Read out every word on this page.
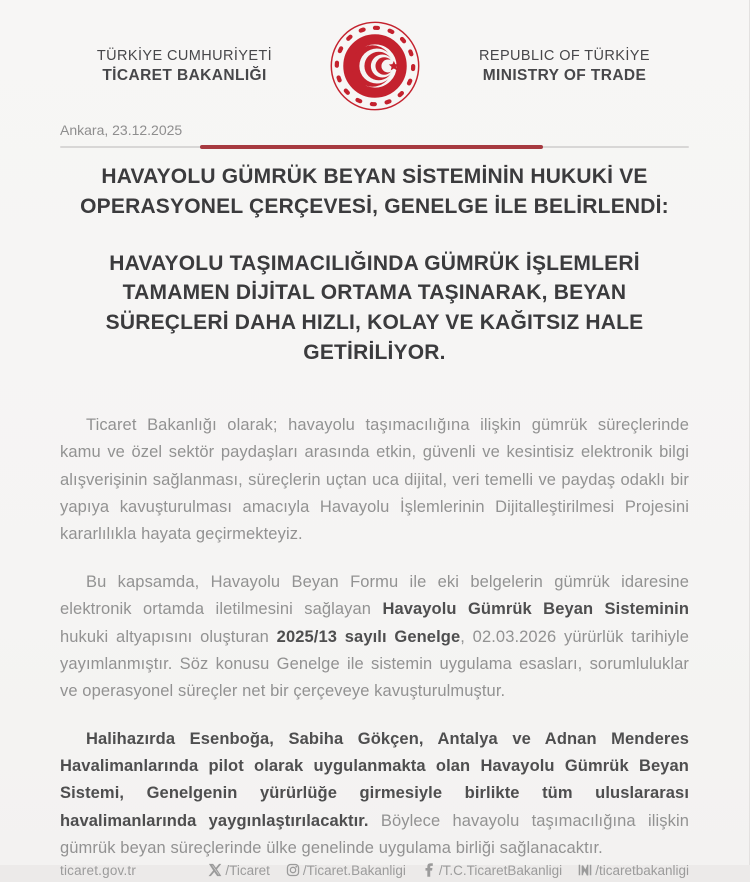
TÜRKİYE CUMHURİYETİ
TİCARET BAKANLIĞI
REPUBLIC OF TÜRKİYE
MINISTRY OF TRADE
Ankara, 23.12.2025
HAVAYOLU GÜMRÜK BEYAN SİSTEMİNİN HUKUKİ VE OPERASYONEL ÇERÇEVESİ, GENELGE İLE BELİRLENDİ:
HAVAYOLU TAŞIMACILIĞINDA GÜMRÜK İŞLEMLERİ TAMAMEN DİJİTAL ORTAMA TAŞINARAK, BEYAN SÜREÇLERİ DAHA HIZLI, KOLAY VE KAĞITSIZ HALE GETİRİLİYOR.

Ticaret Bakanlığı olarak; havayolu taşımacılığına ilişkin gümrük süreçlerinde kamu ve özel sektör paydaşları arasında etkin, güvenli ve kesintisiz elektronik bilgi alışverişinin sağlanması, süreçlerin uçtan uca dijital, veri temelli ve paydaş odaklı bir yapıya kavuşturulması amacıyla Havayolu İşlemlerinin Dijitalleştirilmesi Projesini kararlılıkla hayata geçirmekteyiz.

Bu kapsamda, Havayolu Beyan Formu ile eki belgelerin gümrük idaresine elektronik ortamda iletilmesini sağlayan Havayolu Gümrük Beyan Sisteminin hukuki altyapısını oluşturan 2025/13 sayılı Genelge, 02.03.2026 yürürlük tarihiyle yayımlanmıştır. Söz konusu Genelge ile sistemin uygulama esasları, sorumluluklar ve operasyonel süreçler net bir çerçeveye kavuşturulmuştur.

Halihazırda Esenboğa, Sabiha Gökçen, Antalya ve Adnan Menderes Havalimanlarında pilot olarak uygulanmakta olan Havayolu Gümrük Beyan Sistemi, Genelgenin yürürlüğe girmesiyle birlikte tüm uluslararası havalimanlarında yaygınlaştırılacaktır. Böylece havayolu taşımacılığına ilişkin gümrük beyan süreçlerinde ülke genelinde uygulama birliği sağlanacaktır.

ticaret.gov.tr	/Ticaret /Ticaret.Bakanligi /T.C.TicaretBakanligi /ticaretbakanligi
